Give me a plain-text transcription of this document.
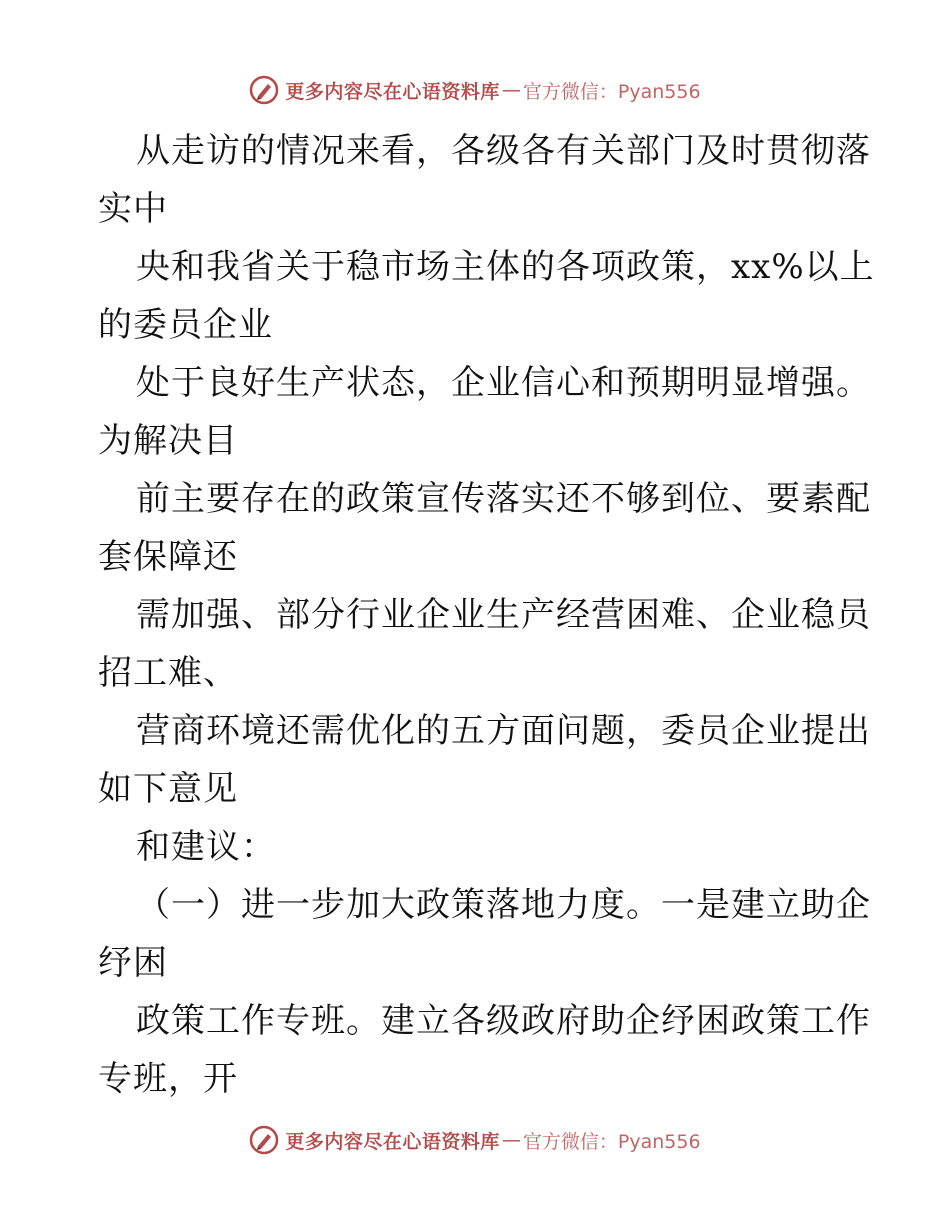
更多内容尽在心语资料库 — 官方微信：Pyan556
从走访的情况来看，各级各有关部门及时贯彻落
实中
央和我省关于稳市场主体的各项政策，xx%以上
的委员企业
处于良好生产状态，企业信心和预期明显增强。
为解决目
前主要存在的政策宣传落实还不够到位、要素配
套保障还
需加强、部分行业企业生产经营困难、企业稳员
招工难、
营商环境还需优化的五方面问题，委员企业提出
如下意见
和建议：
（一）进一步加大政策落地力度。一是建立助企
纾困
政策工作专班。建立各级政府助企纾困政策工作
专班，开
更多内容尽在心语资料库 — 官方微信：Pyan556
